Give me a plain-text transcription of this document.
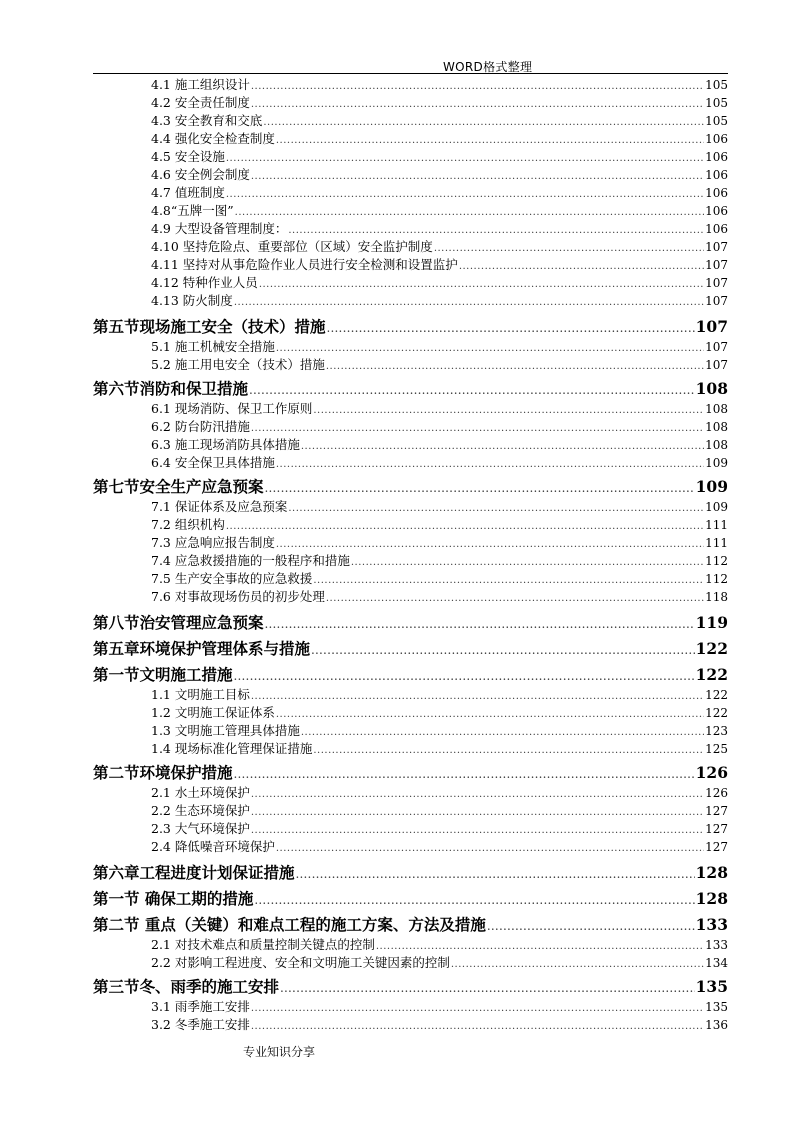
WORD格式整理
4.1 施工组织设计 .....	105
4.2 安全责任制度 .....	105
4.3 安全教育和交底 .....	105
4.4 强化安全检查制度 .....	106
4.5 安全设施 .....	106
4.6 安全例会制度 .....	106
4.7 值班制度 .....	106
4.8“五牌一图” .....	106
4.9 大型设备管理制度： .....	106
4.10 坚持危险点、重要部位（区域）安全监护制度 .....	107
4.11 坚持对从事危险作业人员进行安全检测和设置监护 .....	107
4.12 特种作业人员 .....	107
4.13 防火制度 .....	107
第五节现场施工安全（技术）措施 .....	107
5.1 施工机械安全措施 .....	107
5.2 施工用电安全（技术）措施 .....	107
第六节消防和保卫措施 .....	108
6.1 现场消防、保卫工作原则 .....	108
6.2 防台防汛措施 .....	108
6.3 施工现场消防具体措施 .....	108
6.4 安全保卫具体措施 .....	109
第七节安全生产应急预案 .....	109
7.1 保证体系及应急预案 .....	109
7.2 组织机构 .....	111
7.3 应急响应报告制度 .....	111
7.4 应急救援措施的一般程序和措施 .....	112
7.5 生产安全事故的应急救援 .....	112
7.6 对事故现场伤员的初步处理 .....	118
第八节治安管理应急预案 .....	119
第五章环境保护管理体系与措施 .....	122
第一节文明施工措施 .....	122
1.1 文明施工目标 .....	122
1.2 文明施工保证体系 .....	122
1.3 文明施工管理具体措施 .....	123
1.4 现场标准化管理保证措施 .....	125
第二节环境保护措施 .....	126
2.1 水土环境保护 .....	126
2.2 生态环境保护 .....	127
2.3 大气环境保护 .....	127
2.4 降低噪音环境保护 .....	127
第六章工程进度计划保证措施 .....	128
第一节 确保工期的措施 .....	128
第二节 重点（关键）和难点工程的施工方案、方法及措施 .....	133
2.1 对技术难点和质量控制关键点的控制 .....	133
2.2 对影响工程进度、安全和文明施工关键因素的控制 .....	134
第三节冬、雨季的施工安排 .....	135
3.1 雨季施工安排 .....	135
3.2 冬季施工安排 .....	136
专业知识分享
